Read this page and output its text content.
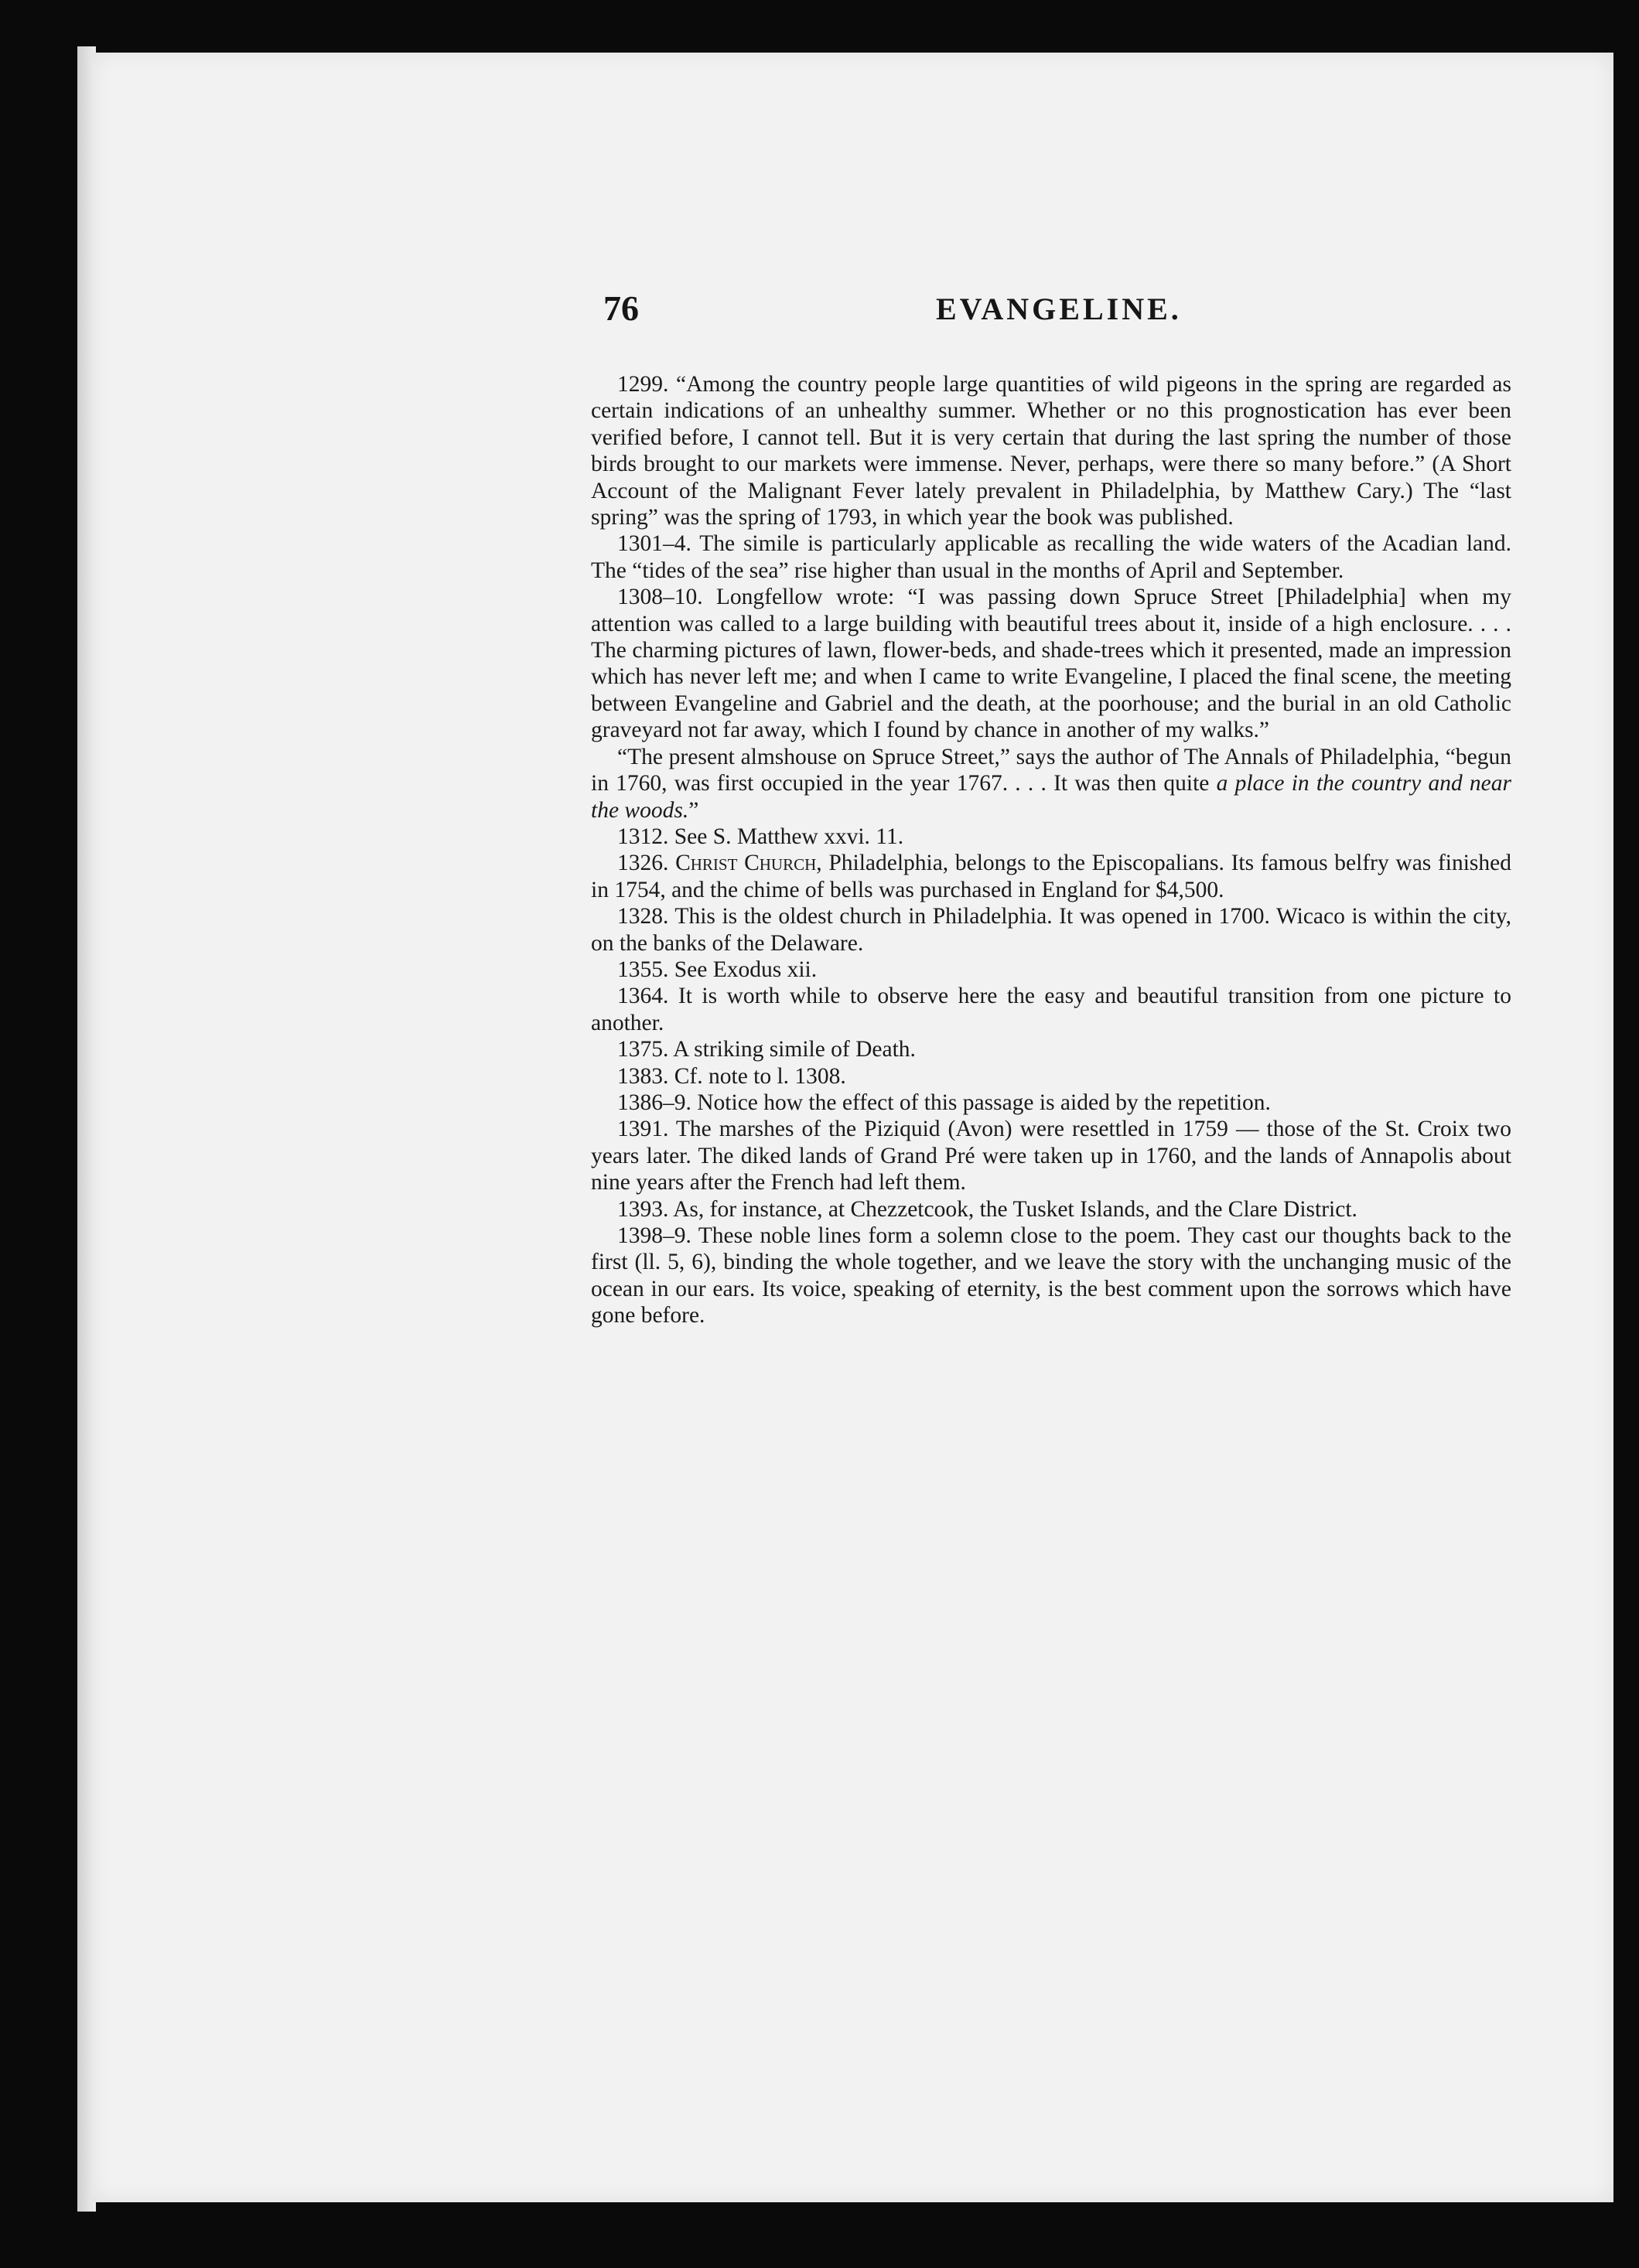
76	EVANGELINE.

1299. “Among the country people large quantities of wild pigeons in the spring are regarded as certain indications of an unhealthy summer. Whether or no this prognostication has ever been verified before, I cannot tell. But it is very certain that during the last spring the number of those birds brought to our markets were immense. Never, perhaps, were there so many before.” (A Short Account of the Malignant Fever lately prevalent in Philadelphia, by Matthew Cary.) The “last spring” was the spring of 1793, in which year the book was published.

1301–4. The simile is particularly applicable as recalling the wide waters of the Acadian land. The “tides of the sea” rise higher than usual in the months of April and September.

1308–10. Longfellow wrote: “I was passing down Spruce Street [Philadelphia] when my attention was called to a large building with beautiful trees about it, inside of a high enclosure. . . . The charming pictures of lawn, flower-beds, and shade-trees which it presented, made an impression which has never left me; and when I came to write Evangeline, I placed the final scene, the meeting between Evangeline and Gabriel and the death, at the poorhouse; and the burial in an old Catholic graveyard not far away, which I found by chance in another of my walks.”

“The present almshouse on Spruce Street,” says the author of The Annals of Philadelphia, “begun in 1760, was first occupied in the year 1767. . . . It was then quite a place in the country and near the woods.”

1312. See S. Matthew xxvi. 11.

1326. Christ Church, Philadelphia, belongs to the Episcopalians. Its famous belfry was finished in 1754, and the chime of bells was purchased in England for $4,500.

1328. This is the oldest church in Philadelphia. It was opened in 1700. Wicaco is within the city, on the banks of the Delaware.

1355. See Exodus xii.

1364. It is worth while to observe here the easy and beautiful transition from one picture to another.

1375. A striking simile of Death.

1383. Cf. note to l. 1308.

1386–9. Notice how the effect of this passage is aided by the repetition.

1391. The marshes of the Piziquid (Avon) were resettled in 1759 — those of the St. Croix two years later. The diked lands of Grand Pré were taken up in 1760, and the lands of Annapolis about nine years after the French had left them.

1393. As, for instance, at Chezzetcook, the Tusket Islands, and the Clare District.

1398–9. These noble lines form a solemn close to the poem. They cast our thoughts back to the first (ll. 5, 6), binding the whole together, and we leave the story with the unchanging music of the ocean in our ears. Its voice, speaking of eternity, is the best comment upon the sorrows which have gone before.
